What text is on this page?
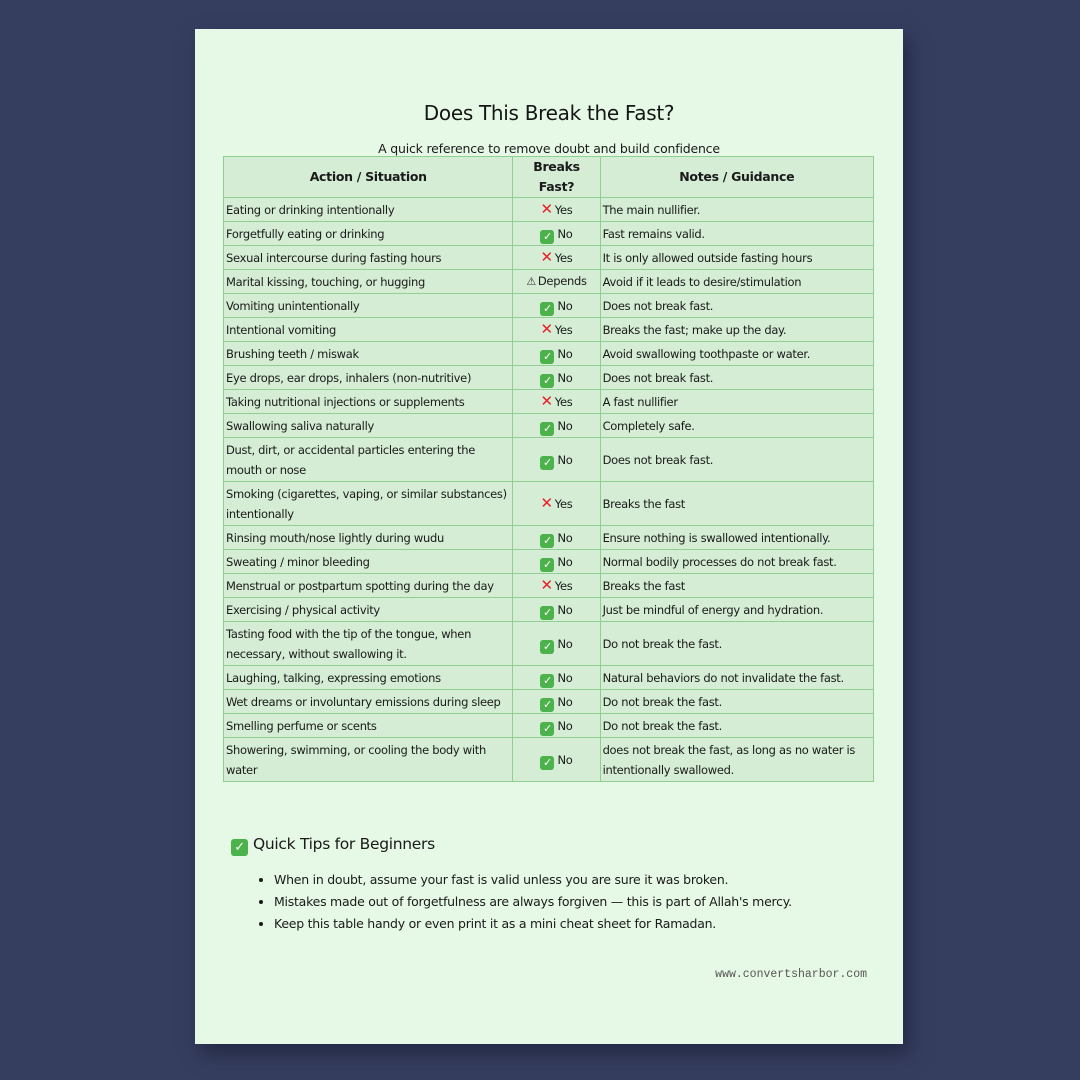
Does This Break the Fast?
A quick reference to remove doubt and build confidence
Action / Situation	Breaks Fast?	Notes / Guidance
Eating or drinking intentionally	✕ Yes	The main nullifier.
Forgetfully eating or drinking	✓ No	Fast remains valid.
Sexual intercourse during fasting hours	✕ Yes	It is only allowed outside fasting hours
Marital kissing, touching, or hugging	⚠ Depends	Avoid if it leads to desire/stimulation
Vomiting unintentionally	✓ No	Does not break fast.
Intentional vomiting	✕ Yes	Breaks the fast; make up the day.
Brushing teeth / miswak	✓ No	Avoid swallowing toothpaste or water.
Eye drops, ear drops, inhalers (non-nutritive)	✓ No	Does not break fast.
Taking nutritional injections or supplements	✕ Yes	A fast nullifier
Swallowing saliva naturally	✓ No	Completely safe.
Dust, dirt, or accidental particles entering the mouth or nose	✓ No	Does not break fast.
Smoking (cigarettes, vaping, or similar substances) intentionally	✕ Yes	Breaks the fast
Rinsing mouth/nose lightly during wudu	✓ No	Ensure nothing is swallowed intentionally.
Sweating / minor bleeding	✓ No	Normal bodily processes do not break fast.
Menstrual or postpartum spotting during the day	✕ Yes	Breaks the fast
Exercising / physical activity	✓ No	Just be mindful of energy and hydration.
Tasting food with the tip of the tongue, when necessary, without swallowing it.	✓ No	Do not break the fast.
Laughing, talking, expressing emotions	✓ No	Natural behaviors do not invalidate the fast.
Wet dreams or involuntary emissions during sleep	✓ No	Do not break the fast.
Smelling perfume or scents	✓ No	Do not break the fast.
Showering, swimming, or cooling the body with water	✓ No	does not break the fast, as long as no water is intentionally swallowed.
✓ Quick Tips for Beginners
• When in doubt, assume your fast is valid unless you are sure it was broken.
• Mistakes made out of forgetfulness are always forgiven — this is part of Allah's mercy.
• Keep this table handy or even print it as a mini cheat sheet for Ramadan.
www.convertsharbor.com
